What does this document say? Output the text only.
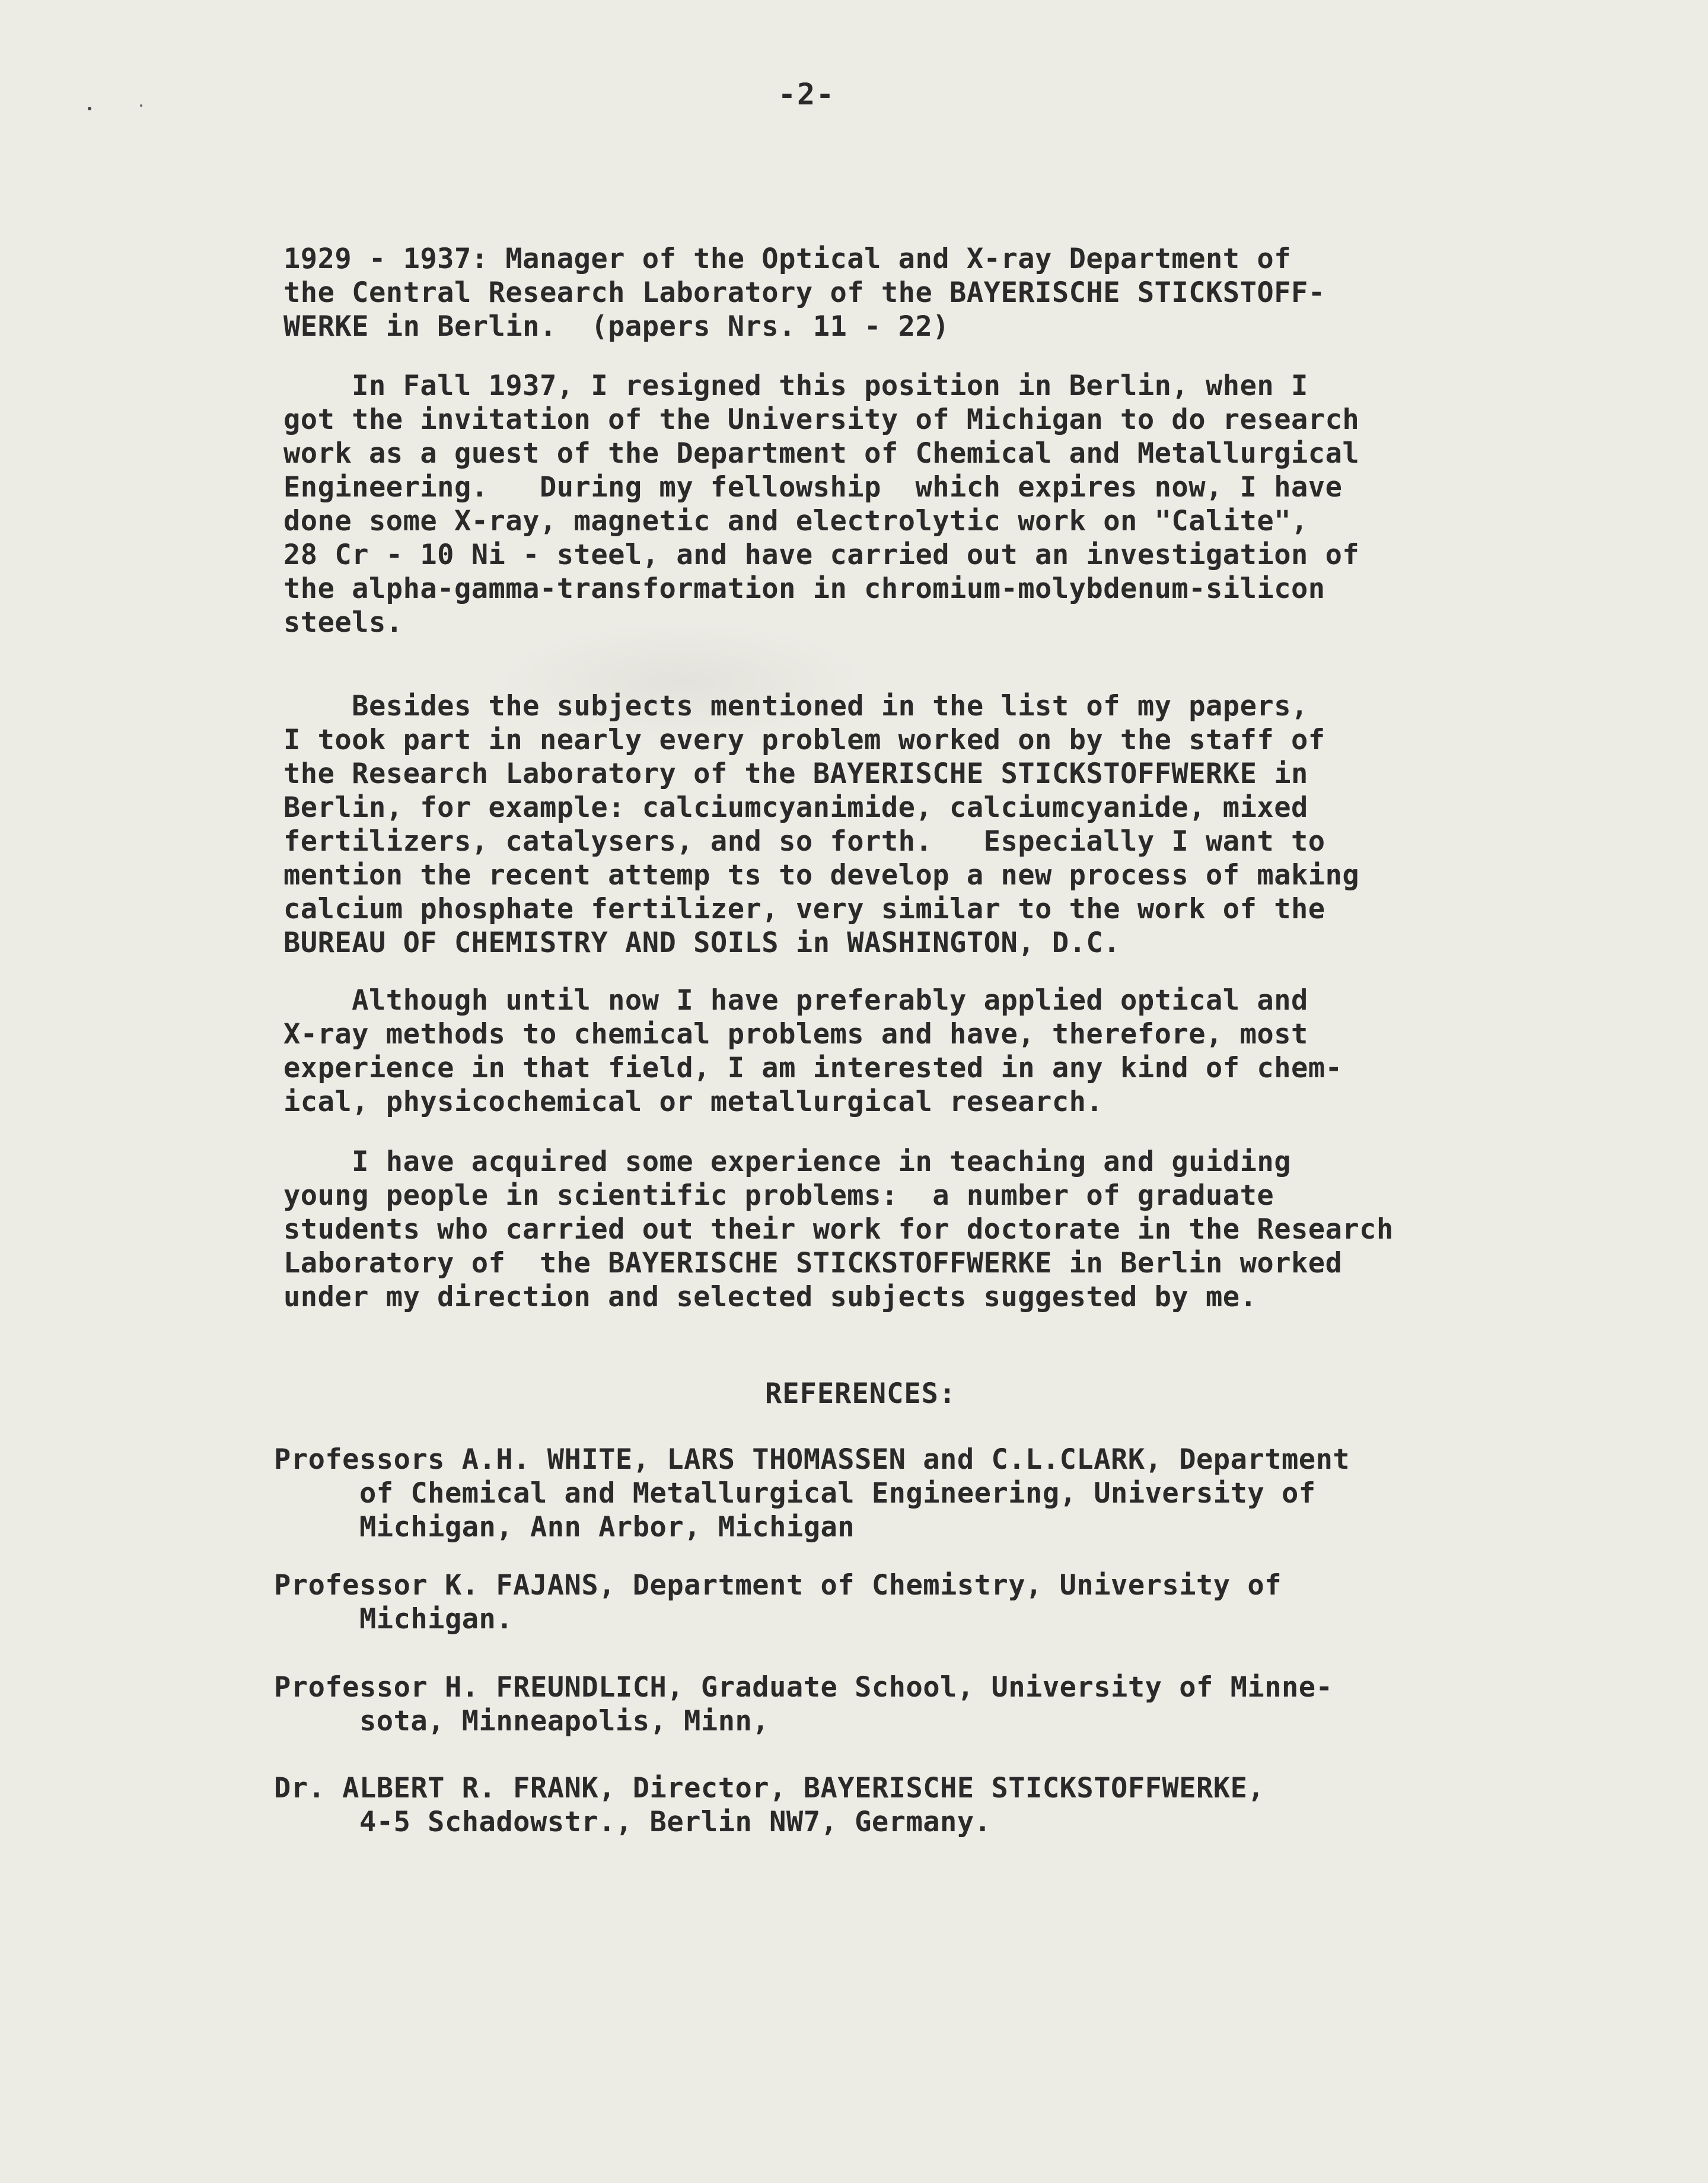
-2-
1929 - 1937: Manager of the Optical and X-ray Department of
the Central Research Laboratory of the BAYERISCHE STICKSTOFF-
WERKE in Berlin.  (papers Nrs. 11 - 22)
In Fall 1937, I resigned this position in Berlin, when I
got the invitation of the University of Michigan to do research
work as a guest of the Department of Chemical and Metallurgical
Engineering.   During my fellowship  which expires now, I have
done some X-ray, magnetic and electrolytic work on "Calite",
28 Cr - 10 Ni - steel, and have carried out an investigation of
the alpha-gamma-transformation in chromium-molybdenum-silicon
steels.
Besides the subjects mentioned in the list of my papers,
I took part in nearly every problem worked on by the staff of
the Research Laboratory of the BAYERISCHE STICKSTOFFWERKE in
Berlin, for example: calciumcyanimide, calciumcyanide, mixed
fertilizers, catalysers, and so forth.   Especially I want to
mention the recent attemp ts to develop a new process of making
calcium phosphate fertilizer, very similar to the work of the
BUREAU OF CHEMISTRY AND SOILS in WASHINGTON, D.C.
Although until now I have preferably applied optical and
X-ray methods to chemical problems and have, therefore, most
experience in that field, I am interested in any kind of chem-
ical, physicochemical or metallurgical research.
I have acquired some experience in teaching and guiding
young people in scientific problems:  a number of graduate
students who carried out their work for doctorate in the Research
Laboratory of  the BAYERISCHE STICKSTOFFWERKE in Berlin worked
under my direction and selected subjects suggested by me.
REFERENCES:
Professors A.H. WHITE, LARS THOMASSEN and C.L.CLARK, Department
of Chemical and Metallurgical Engineering, University of
Michigan, Ann Arbor, Michigan
Professor K. FAJANS, Department of Chemistry, University of
Michigan.
Professor H. FREUNDLICH, Graduate School, University of Minne-
sota, Minneapolis, Minn,
Dr. ALBERT R. FRANK, Director, BAYERISCHE STICKSTOFFWERKE,
4-5 Schadowstr., Berlin NW7, Germany.
